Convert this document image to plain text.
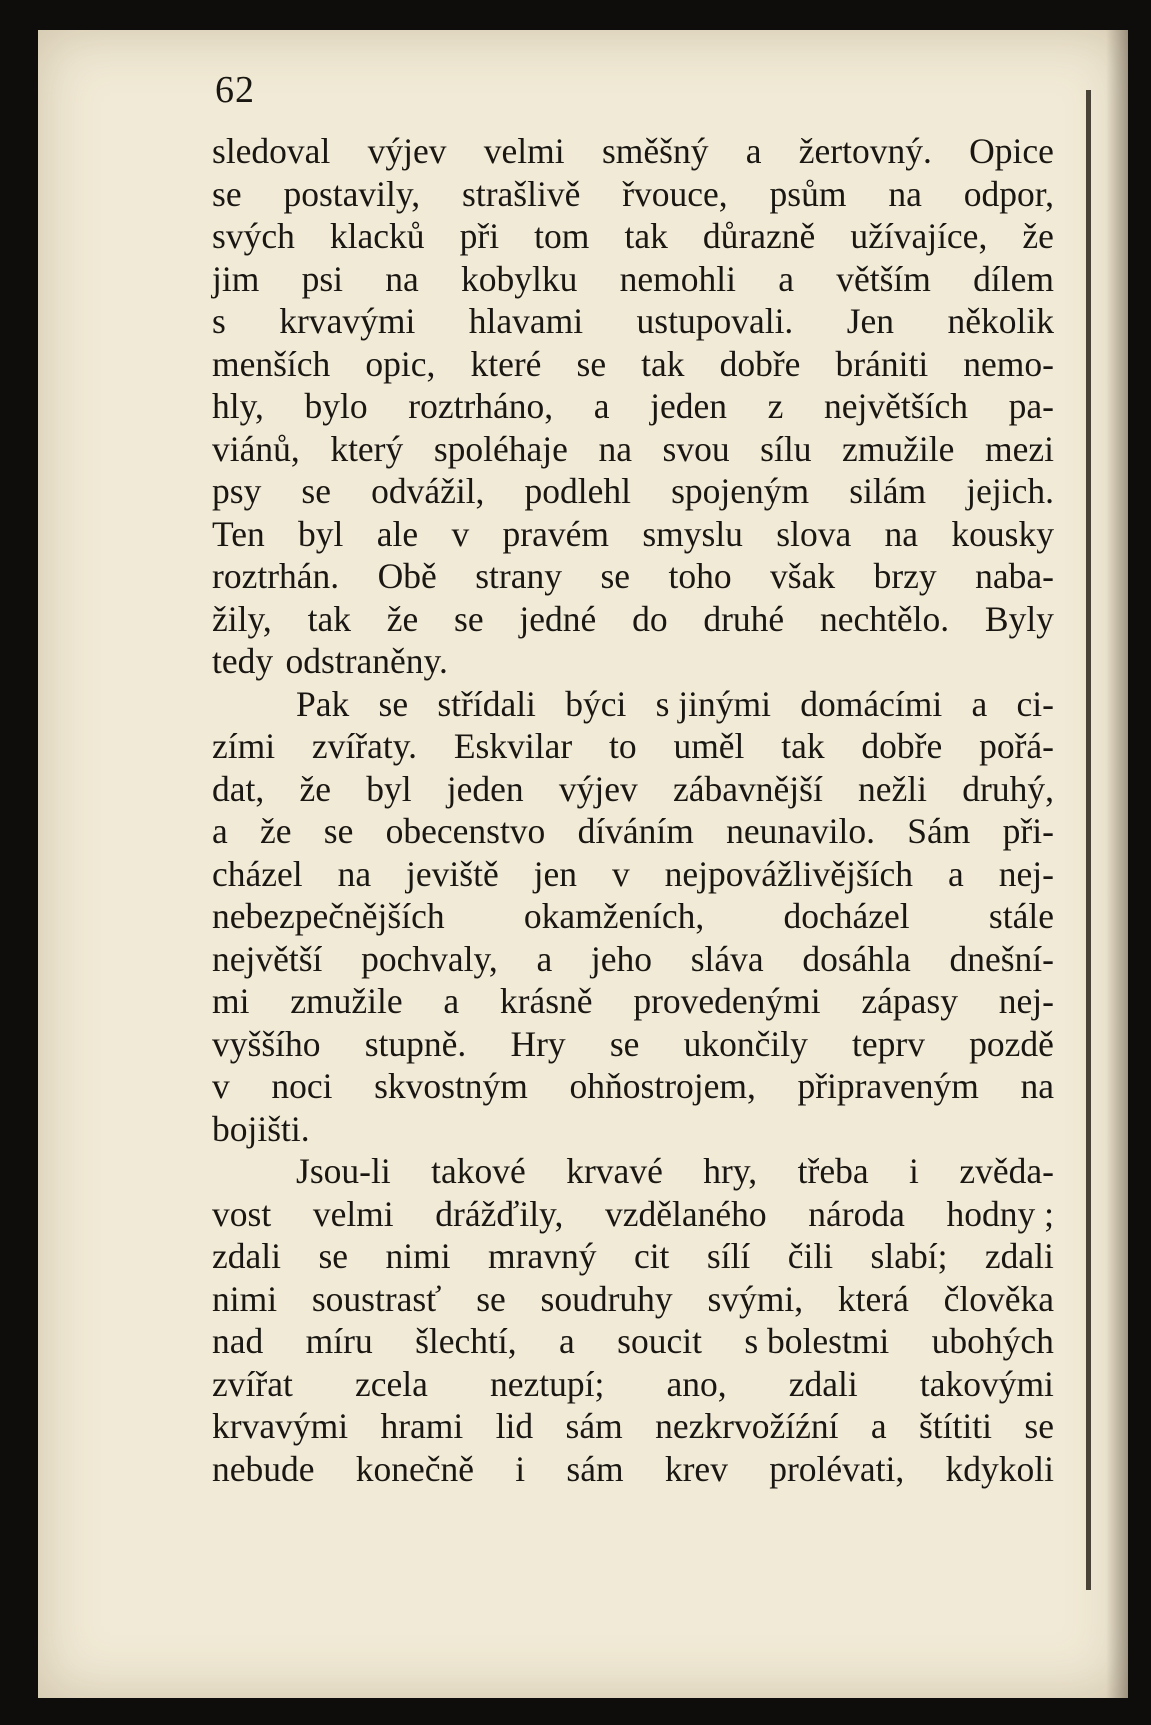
62
sledoval výjev velmi směšný a žertovný. Opice
se postavily, strašlivě řvouce, psům na odpor,
svých klacků při tom tak důrazně užívajíce, že
jim psi na kobylku nemohli a větším dílem
s krvavými hlavami ustupovali. Jen několik
menších opic, které se tak dobře brániti nemo-
hly, bylo roztrháno, a jeden z největších pa-
viánů, který spoléhaje na svou sílu zmužile mezi
psy se odvážil, podlehl spojeným silám jejich.
Ten byl ale v pravém smyslu slova na kousky
roztrhán. Obě strany se toho však brzy naba-
žily, tak že se jedné do druhé nechtělo. Byly
tedy odstraněny.
Pak se střídali býci s jinými domácími a ci-
zími zvířaty. Eskvilar to uměl tak dobře pořá-
dat, že byl jeden výjev zábavnější nežli druhý,
a že se obecenstvo díváním neunavilo. Sám při-
cházel na jeviště jen v nejpovážlivějších a nej-
nebezpečnějších okamženích, docházel stále
největší pochvaly, a jeho sláva dosáhla dnešní-
mi zmužile a krásně provedenými zápasy nej-
vyššího stupně. Hry se ukončily teprv pozdě
v noci skvostným ohňostrojem, připraveným na
bojišti.
Jsou-li takové krvavé hry, třeba i zvěda-
vost velmi drážďily, vzdělaného národa hodny ;
zdali se nimi mravný cit sílí čili slabí; zdali
nimi soustrasť se soudruhy svými, která člověka
nad míru šlechtí, a soucit s bolestmi ubohých
zvířat zcela neztupí; ano, zdali takovými
krvavými hrami lid sám nezkrvožíźní a štítiti se
nebude konečně i sám krev prolévati, kdykoli
